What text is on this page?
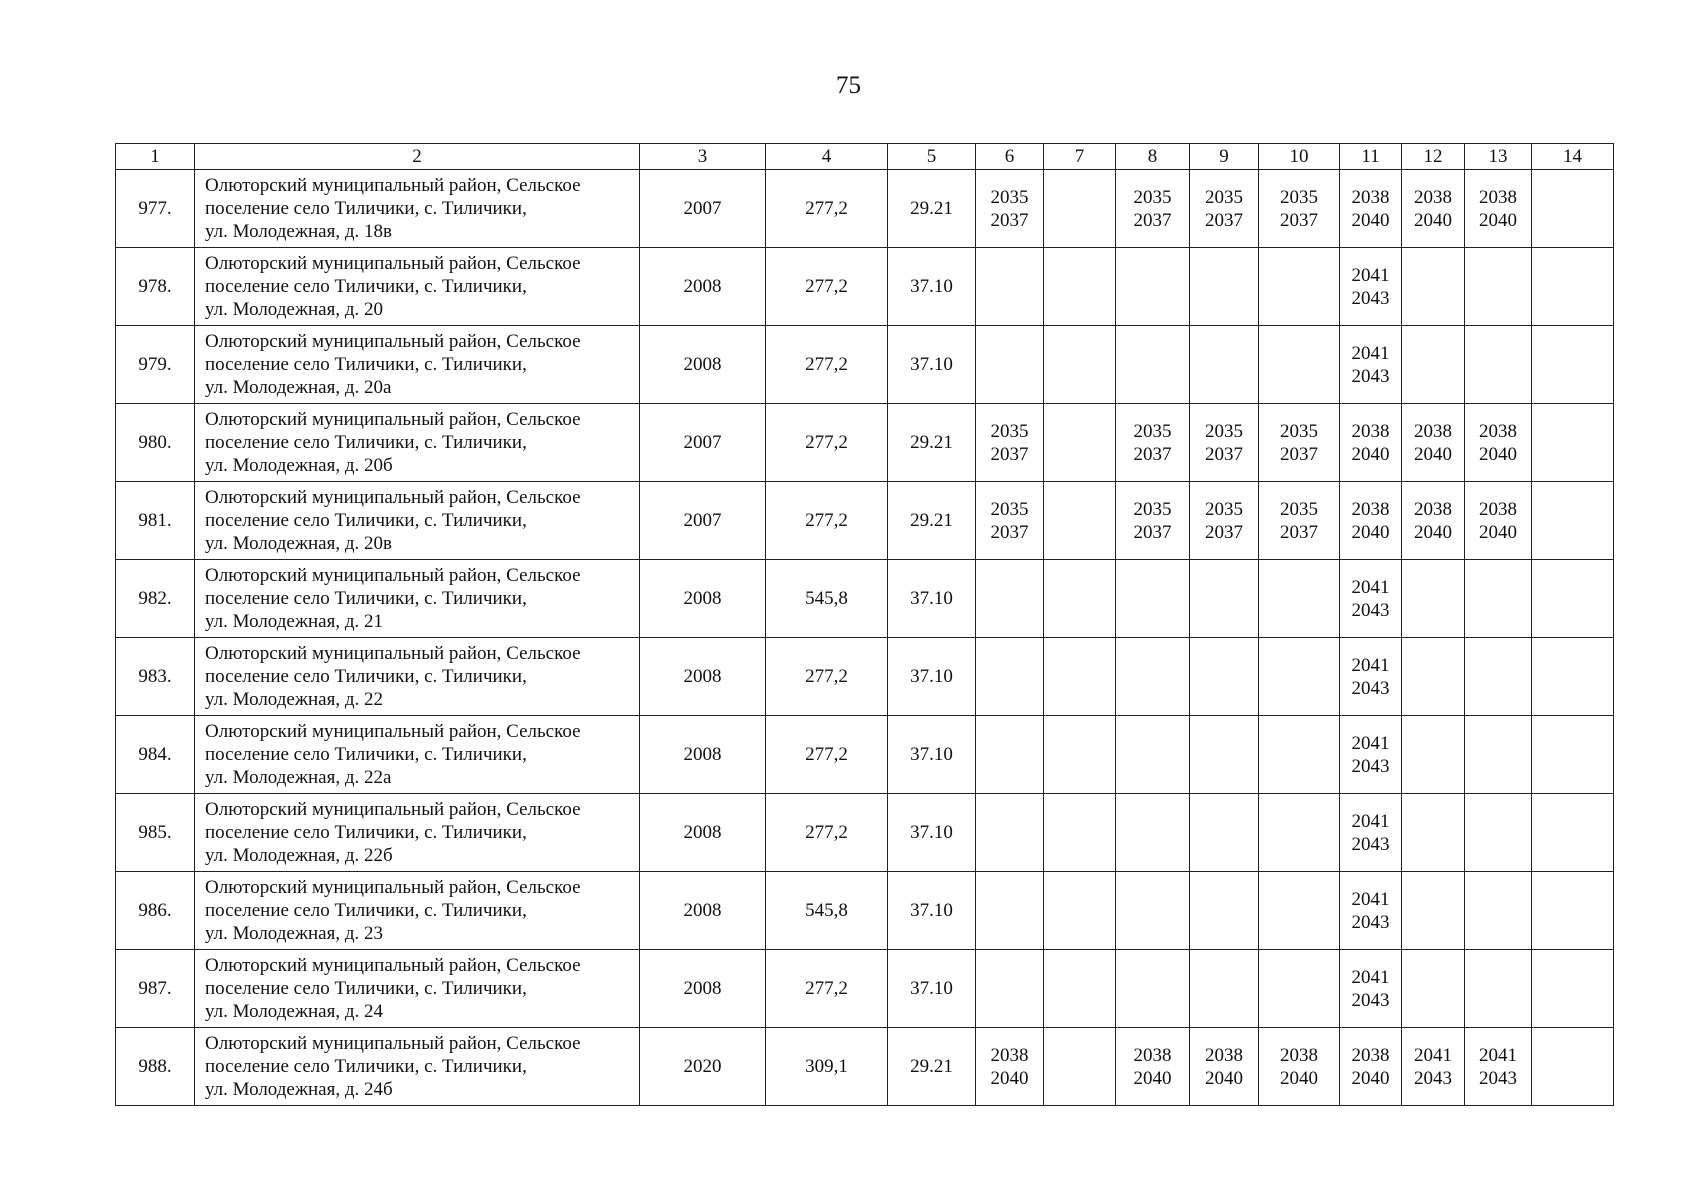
75
1	2	3	4	5	6	7	8	9	10	11	12	13	14
977.	Олюторский муниципальный район, Сельское
поселение село Тиличики, с. Тиличики,
ул. Молодежная, д. 18в	2007	277,2	29.21	2035
2037		2035
2037	2035
2037	2035
2037	2038
2040	2038
2040	2038
2040	

978.	Олюторский муниципальный район, Сельское
поселение село Тиличики, с. Тиличики,
ул. Молодежная, д. 20	2008	277,2	37.10						2041
2043			

979.	Олюторский муниципальный район, Сельское
поселение село Тиличики, с. Тиличики,
ул. Молодежная, д. 20а	2008	277,2	37.10						2041
2043			

980.	Олюторский муниципальный район, Сельское
поселение село Тиличики, с. Тиличики,
ул. Молодежная, д. 20б	2007	277,2	29.21	2035
2037		2035
2037	2035
2037	2035
2037	2038
2040	2038
2040	2038
2040	

981.	Олюторский муниципальный район, Сельское
поселение село Тиличики, с. Тиличики,
ул. Молодежная, д. 20в	2007	277,2	29.21	2035
2037		2035
2037	2035
2037	2035
2037	2038
2040	2038
2040	2038
2040	

982.	Олюторский муниципальный район, Сельское
поселение село Тиличики, с. Тиличики,
ул. Молодежная, д. 21	2008	545,8	37.10						2041
2043			

983.	Олюторский муниципальный район, Сельское
поселение село Тиличики, с. Тиличики,
ул. Молодежная, д. 22	2008	277,2	37.10						2041
2043			

984.	Олюторский муниципальный район, Сельское
поселение село Тиличики, с. Тиличики,
ул. Молодежная, д. 22а	2008	277,2	37.10						2041
2043			

985.	Олюторский муниципальный район, Сельское
поселение село Тиличики, с. Тиличики,
ул. Молодежная, д. 22б	2008	277,2	37.10						2041
2043			

986.	Олюторский муниципальный район, Сельское
поселение село Тиличики, с. Тиличики,
ул. Молодежная, д. 23	2008	545,8	37.10						2041
2043			

987.	Олюторский муниципальный район, Сельское
поселение село Тиличики, с. Тиличики,
ул. Молодежная, д. 24	2008	277,2	37.10						2041
2043			

988.	Олюторский муниципальный район, Сельское
поселение село Тиличики, с. Тиличики,
ул. Молодежная, д. 24б	2020	309,1	29.21	2038
2040		2038
2040	2038
2040	2038
2040	2038
2040	2041
2043	2041
2043	
